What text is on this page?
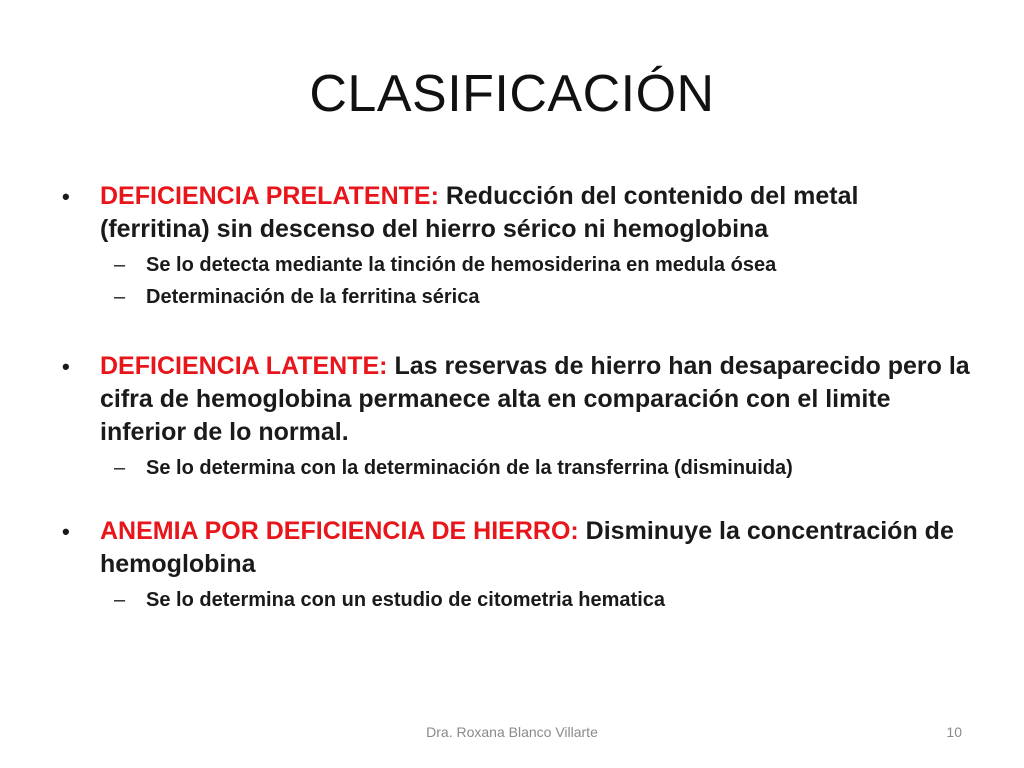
CLASIFICACIÓN

•	DEFICIENCIA PRELATENTE: Reducción del contenido del metal (ferritina) sin descenso del hierro sérico ni hemoglobina

– Se lo detecta mediante la tinción de hemosiderina en medula ósea

– Determinación de la ferritina sérica

•	DEFICIENCIA LATENTE: Las reservas de hierro han desaparecido pero la cifra de hemoglobina permanece alta en comparación con el limite inferior de lo normal.

– Se lo determina con la determinación de la transferrina (disminuida)

•	ANEMIA POR DEFICIENCIA DE HIERRO: Disminuye la concentración de hemoglobina

– Se lo determina con un estudio de citometria hematica

Dra. Roxana Blanco Villarte	10
